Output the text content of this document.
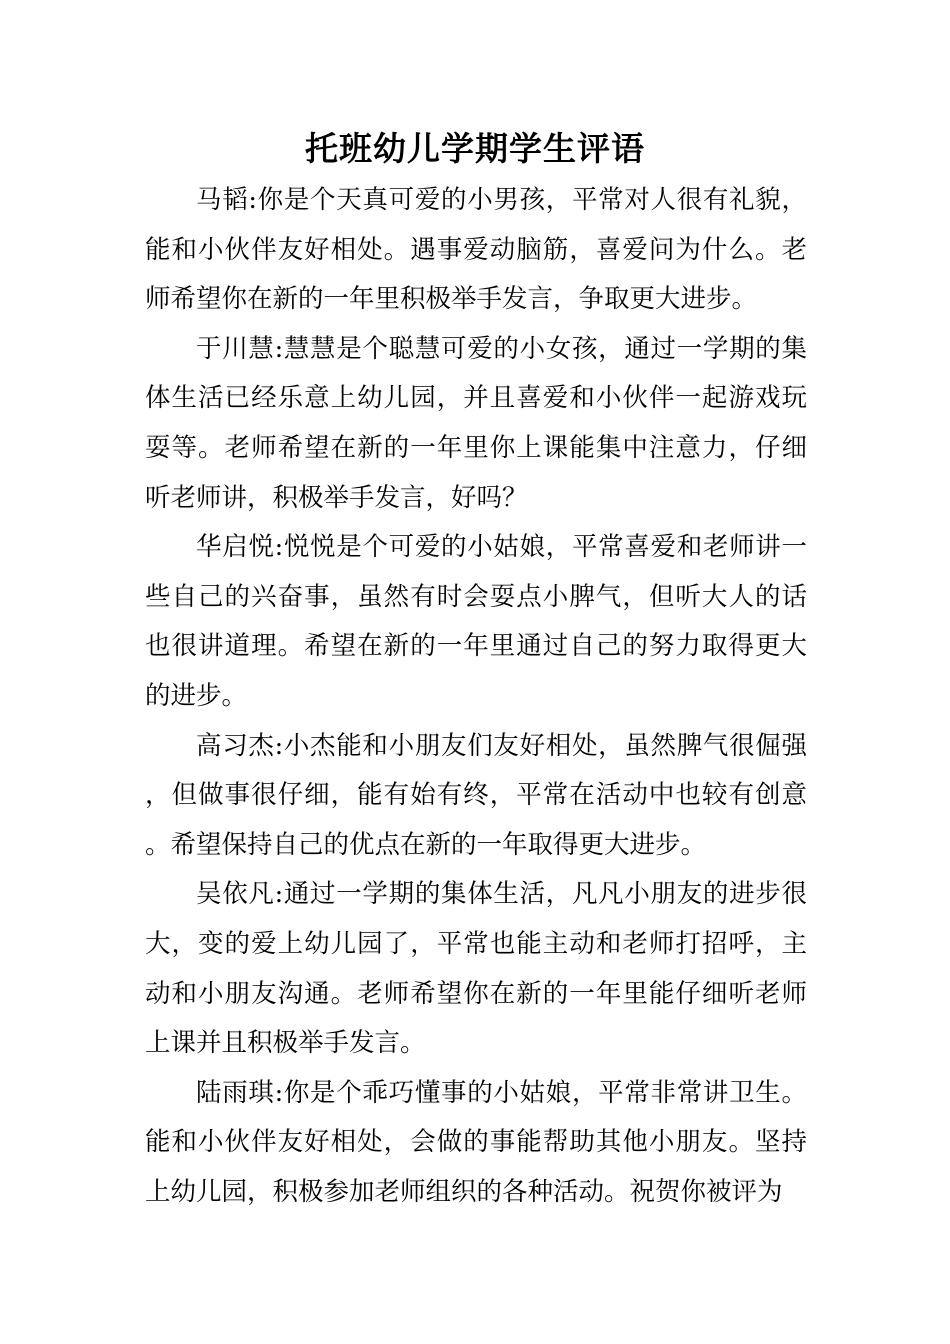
托班幼儿学期学生评语

马韬:你是个天真可爱的小男孩，平常对人很有礼貌，能和小伙伴友好相处。遇事爱动脑筋，喜爱问为什么。老师希望你在新的一年里积极举手发言，争取更大进步。

于川慧:慧慧是个聪慧可爱的小女孩，通过一学期的集体生活已经乐意上幼儿园，并且喜爱和小伙伴一起游戏玩耍等。老师希望在新的一年里你上课能集中注意力，仔细听老师讲，积极举手发言，好吗？

华启悦:悦悦是个可爱的小姑娘，平常喜爱和老师讲一些自己的兴奋事，虽然有时会耍点小脾气，但听大人的话也很讲道理。希望在新的一年里通过自己的努力取得更大的进步。

高习杰:小杰能和小朋友们友好相处，虽然脾气很倔强，但做事很仔细，能有始有终，平常在活动中也较有创意。希望保持自己的优点在新的一年取得更大进步。

吴依凡:通过一学期的集体生活，凡凡小朋友的进步很大，变的爱上幼儿园了，平常也能主动和老师打招呼，主动和小朋友沟通。老师希望你在新的一年里能仔细听老师上课并且积极举手发言。

陆雨琪:你是个乖巧懂事的小姑娘，平常非常讲卫生。能和小伙伴友好相处，会做的事能帮助其他小朋友。坚持上幼儿园，积极参加老师组织的各种活动。祝贺你被评为
